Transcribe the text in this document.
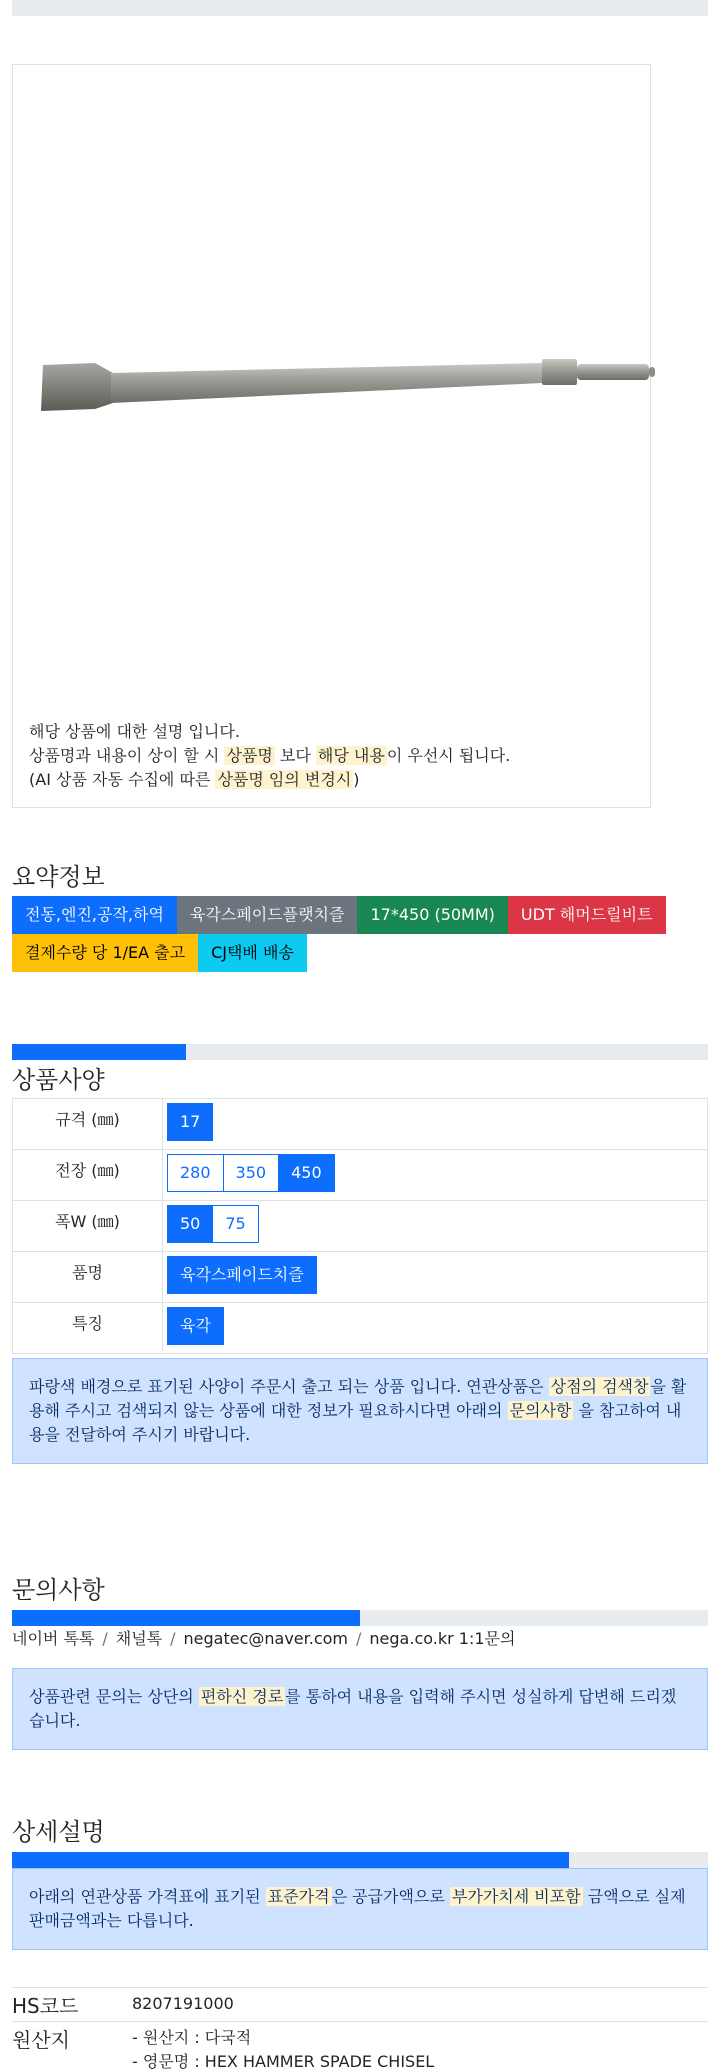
해당 상품에 대한 설명 입니다.
상품명과 내용이 상이 할 시 상품명 보다 해당 내용 이 우선시 됩니다.
(AI 상품 자동 수집에 따른 상품명 임의 변경시 )
요약정보
전동,엔진,공작,하역	육각스페이드플랫치즐	17*450 (50MM)	UDT 해머드릴비트
결제수량 당 1/EA 출고	CJ택배 배송
상품사양
규격 (㎜)	17

전장 (㎜)	280 350 450

폭W (㎜)	50 75

품명	육각스페이드치즐

특징	육각
파랑색 배경으로 표기된 사양이 주문시 출고 되는 상품 입니다. 연관상품은 상점의 검색창 을 활용해 주시고 검색되지 않는 상품에 대한 정보가 필요하시다면 아래의 문의사항 을 참고하여 내용을 전달하여 주시기 바랍니다.
문의사항
네이버 톡톡 / 채널톡 / negatec@naver.com / nega.co.kr 1:1문의
상품관련 문의는 상단의 편하신 경로 를 통하여 내용을 입력해 주시면 성실하게 답변해 드리겠습니다.
상세설명
아래의 연관상품 가격표에 표기된 표준가격 은 공급가액으로 부가가치세 비포함 금액으로 실제 판매금액과는 다릅니다.
HS코드	8207191000
원산지	- 원산지 : 다국적
- 영문명 : HEX HAMMER SPADE CHISEL
